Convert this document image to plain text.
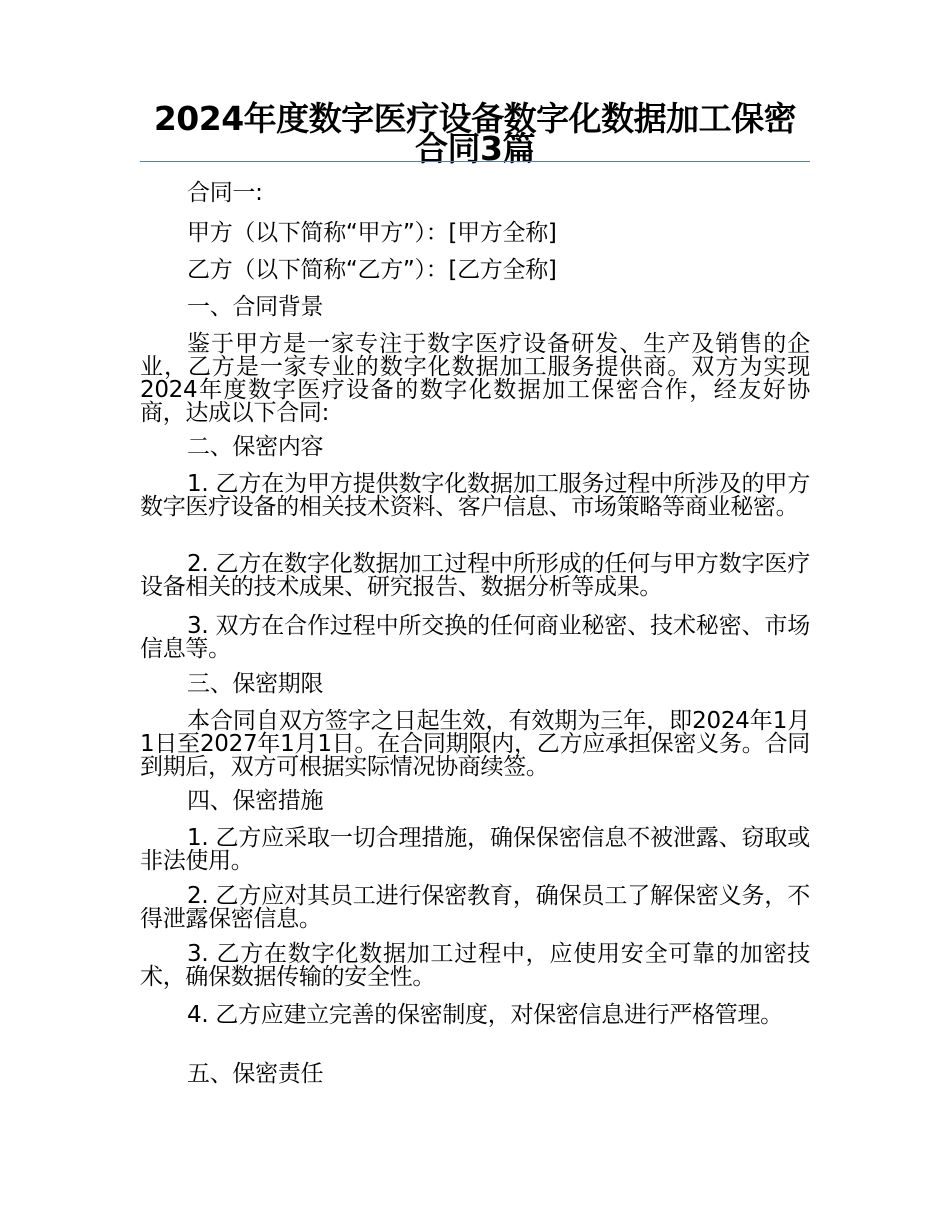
2024年度数字医疗设备数字化数据加工保密合同3篇

合同一:

甲方（以下简称“甲方”）：[甲方全称]

乙方（以下简称“乙方”）：[乙方全称]

一、合同背景

鉴于甲方是一家专注于数字医疗设备研发、生产及销售的企业，乙方是一家专业的数字化数据加工服务提供商。双方为实现2024年度数字医疗设备的数字化数据加工保密合作，经友好协商，达成以下合同:

二、保密内容

1. 乙方在为甲方提供数字化数据加工服务过程中所涉及的甲方数字医疗设备的相关技术资料、客户信息、市场策略等商业秘密。

2. 乙方在数字化数据加工过程中所形成的任何与甲方数字医疗设备相关的技术成果、研究报告、数据分析等成果。

3. 双方在合作过程中所交换的任何商业秘密、技术秘密、市场信息等。

三、保密期限

本合同自双方签字之日起生效，有效期为三年，即2024年1月1日至2027年1月1日。在合同期限内，乙方应承担保密义务。合同到期后，双方可根据实际情况协商续签。

四、保密措施

1. 乙方应采取一切合理措施，确保保密信息不被泄露、窃取或非法使用。

2. 乙方应对其员工进行保密教育，确保员工了解保密义务，不得泄露保密信息。

3. 乙方在数字化数据加工过程中，应使用安全可靠的加密技术，确保数据传输的安全性。

4. 乙方应建立完善的保密制度，对保密信息进行严格管理。

五、保密责任
